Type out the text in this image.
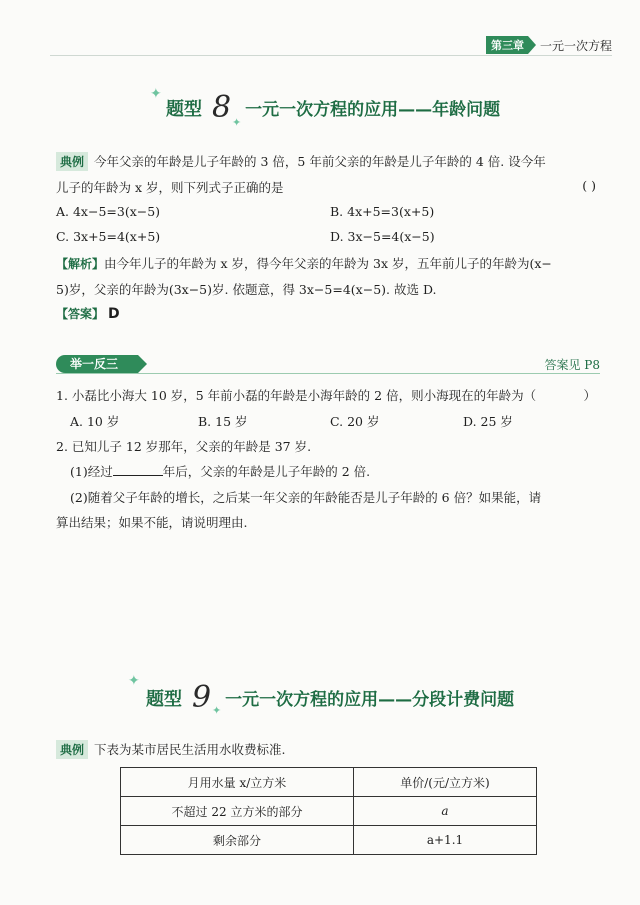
第三章	一元一次方程
✦
✦
题型 8 一元一次方程的应用——年龄问题
典例 今年父亲的年龄是儿子年龄的 3 倍，5 年前父亲的年龄是儿子年龄的 4 倍. 设今年
儿子的年龄为 x 岁，则下列式子正确的是	( )
A. 4x−5=3(x−5)	B. 4x+5=3(x+5)
C. 3x+5=4(x+5)	D. 3x−5=4(x−5)
【解析】由今年儿子的年龄为 x 岁，得今年父亲的年龄为 3x 岁，五年前儿子的年龄为(x−
5)岁，父亲的年龄为(3x−5)岁. 依题意，得 3x−5=4(x−5). 故选 D.
【答案】 D
举一反三	答案见 P8
1. 小磊比小海大 10 岁，5 年前小磊的年龄是小海年龄的 2 倍，则小海现在的年龄为（	）
A. 10 岁	B. 15 岁	C. 20 岁	D. 25 岁
2. 已知儿子 12 岁那年，父亲的年龄是 37 岁.
(1)经过	年后，父亲的年龄是儿子年龄的 2 倍.
(2)随着父子年龄的增长，之后某一年父亲的年龄能否是儿子年龄的 6 倍？如果能，请
算出结果；如果不能，请说明理由.
✦
✦
题型 9 一元一次方程的应用——分段计费问题
典例 下表为某市居民生活用水收费标准.
月用水量 x/立方米	单价/(元/立方米)
不超过 22 立方米的部分	a
剩余部分	a+1.1
